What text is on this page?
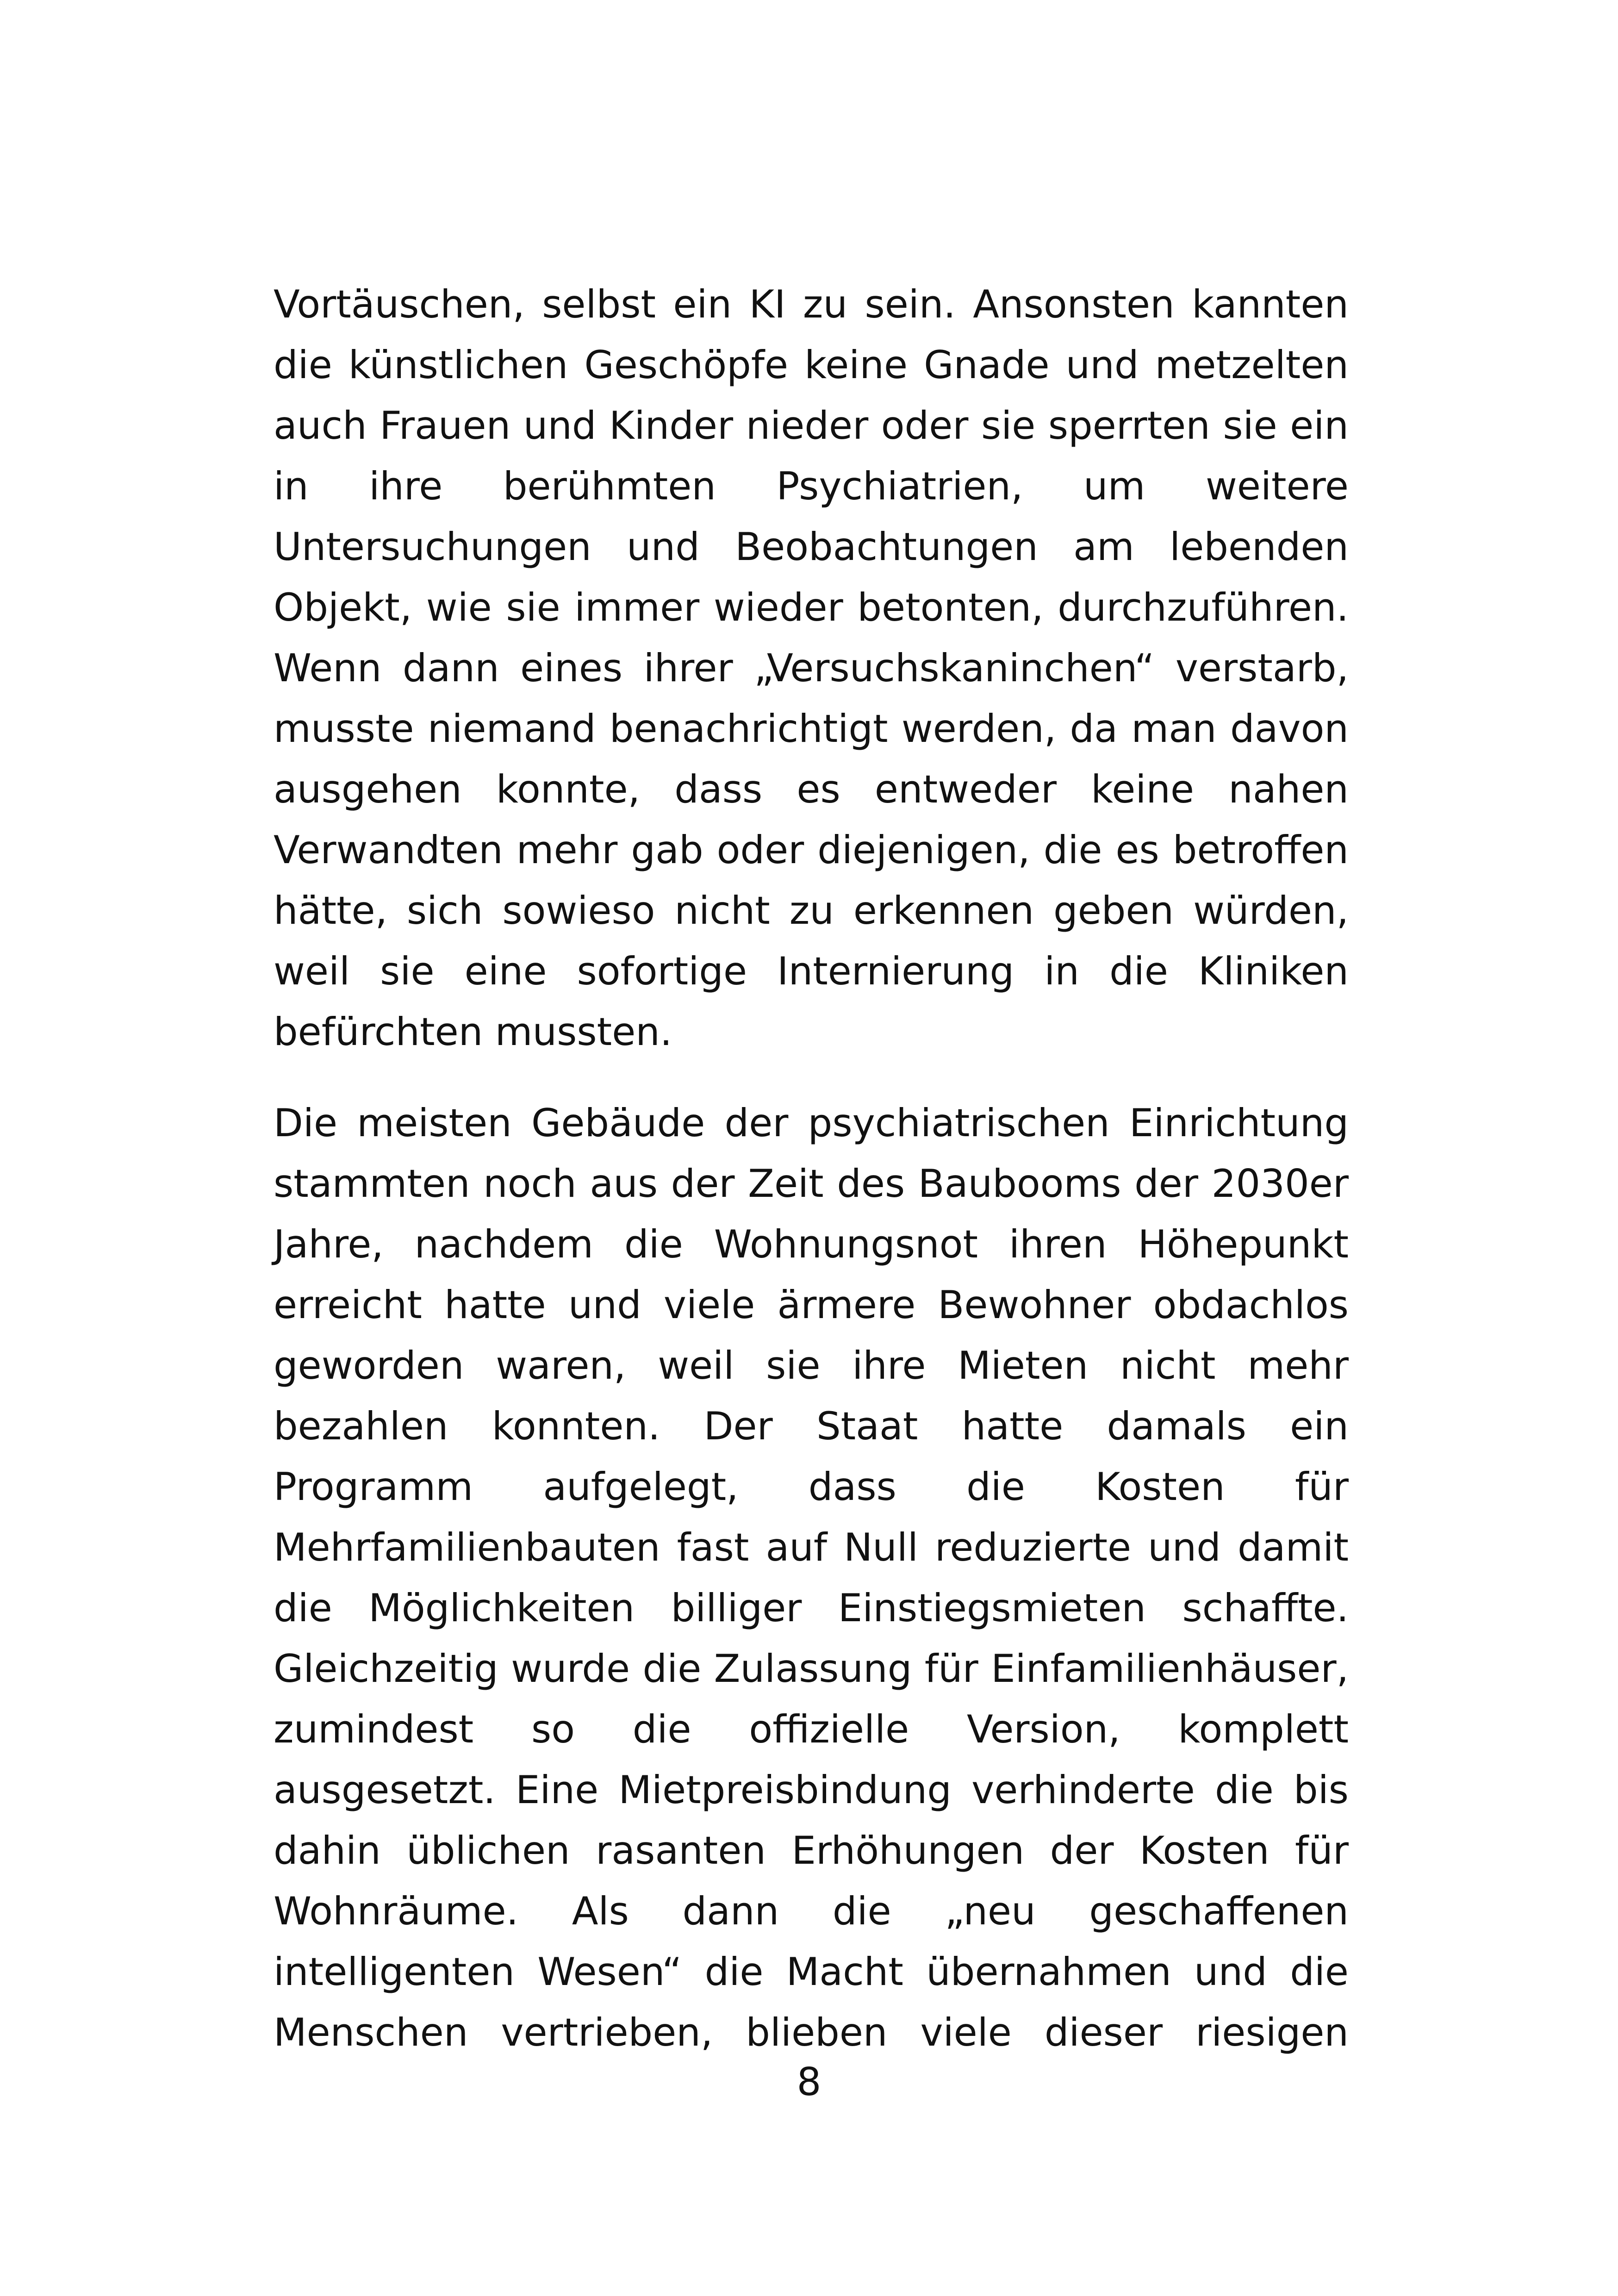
Vortäuschen, selbst ein KI zu sein. Ansonsten kannten
die künstlichen Geschöpfe keine Gnade und metzelten
auch Frauen und Kinder nieder oder sie sperrten sie ein
in ihre berühmten Psychiatrien, um weitere
Untersuchungen und Beobachtungen am lebenden
Objekt, wie sie immer wieder betonten, durchzuführen.
Wenn dann eines ihrer „Versuchskaninchen“ verstarb,
musste niemand benachrichtigt werden, da man davon
ausgehen konnte, dass es entweder keine nahen
Verwandten mehr gab oder diejenigen, die es betroffen
hätte, sich sowieso nicht zu erkennen geben würden,
weil sie eine sofortige Internierung in die Kliniken
befürchten mussten.

Die meisten Gebäude der psychiatrischen Einrichtung
stammten noch aus der Zeit des Baubooms der 2030er
Jahre, nachdem die Wohnungsnot ihren Höhepunkt
erreicht hatte und viele ärmere Bewohner obdachlos
geworden waren, weil sie ihre Mieten nicht mehr
bezahlen konnten. Der Staat hatte damals ein
Programm aufgelegt, dass die Kosten für
Mehrfamilienbauten fast auf Null reduzierte und damit
die Möglichkeiten billiger Einstiegsmieten schaffte.
Gleichzeitig wurde die Zulassung für Einfamilienhäuser,
zumindest so die offizielle Version, komplett
ausgesetzt. Eine Mietpreisbindung verhinderte die bis
dahin üblichen rasanten Erhöhungen der Kosten für
Wohnräume. Als dann die „neu geschaffenen
intelligenten Wesen“ die Macht übernahmen und die
Menschen vertrieben, blieben viele dieser riesigen

8
